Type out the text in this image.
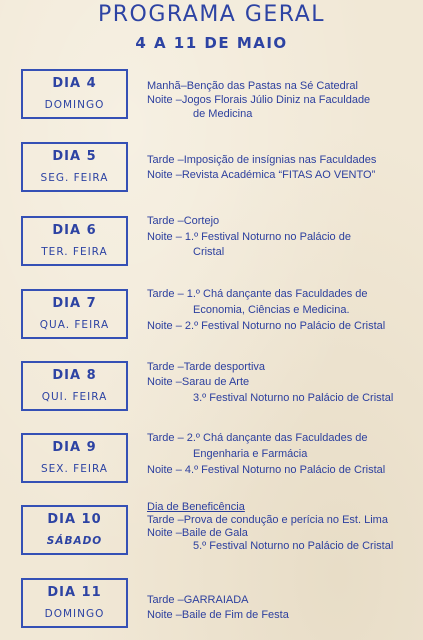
PROGRAMA GERAL
4 A 11 DE MAIO
DIA 4
DOMINGO
Manhã–Benção das Pastas na Sé Catedral
Noite –Jogos Florais Júlio Diniz na Faculdade
de Medicina
DIA 5
SEG. FEIRA
Tarde –Imposição de insígnias nas Faculdades
Noite –Revista Académica “FITAS AO VENTO”
DIA 6
TER. FEIRA
Tarde –Cortejo
Noite – 1.º Festival Noturno no Palácio de
Cristal
DIA 7
QUA. FEIRA
Tarde – 1.º Chá dançante das Faculdades de
Economia, Ciências e Medicina.
Noite – 2.º Festival Noturno no Palácio de Cristal
DIA 8
QUI. FEIRA
Tarde –Tarde desportiva
Noite –Sarau de Arte
3.º Festival Noturno no Palácio de Cristal
DIA 9
SEX. FEIRA
Tarde – 2.º Chá dançante das Faculdades de
Engenharia e Farmácia
Noite – 4.º Festival Noturno no Palácio de Cristal
DIA 10
SÁBADO
Dia de Beneficência
Tarde –Prova de condução e perícia no Est. Lima
Noite –Baile de Gala
5.º Festival Noturno no Palácio de Cristal
DIA 11
DOMINGO
Tarde –GARRAIADA
Noite –Baile de Fim de Festa
